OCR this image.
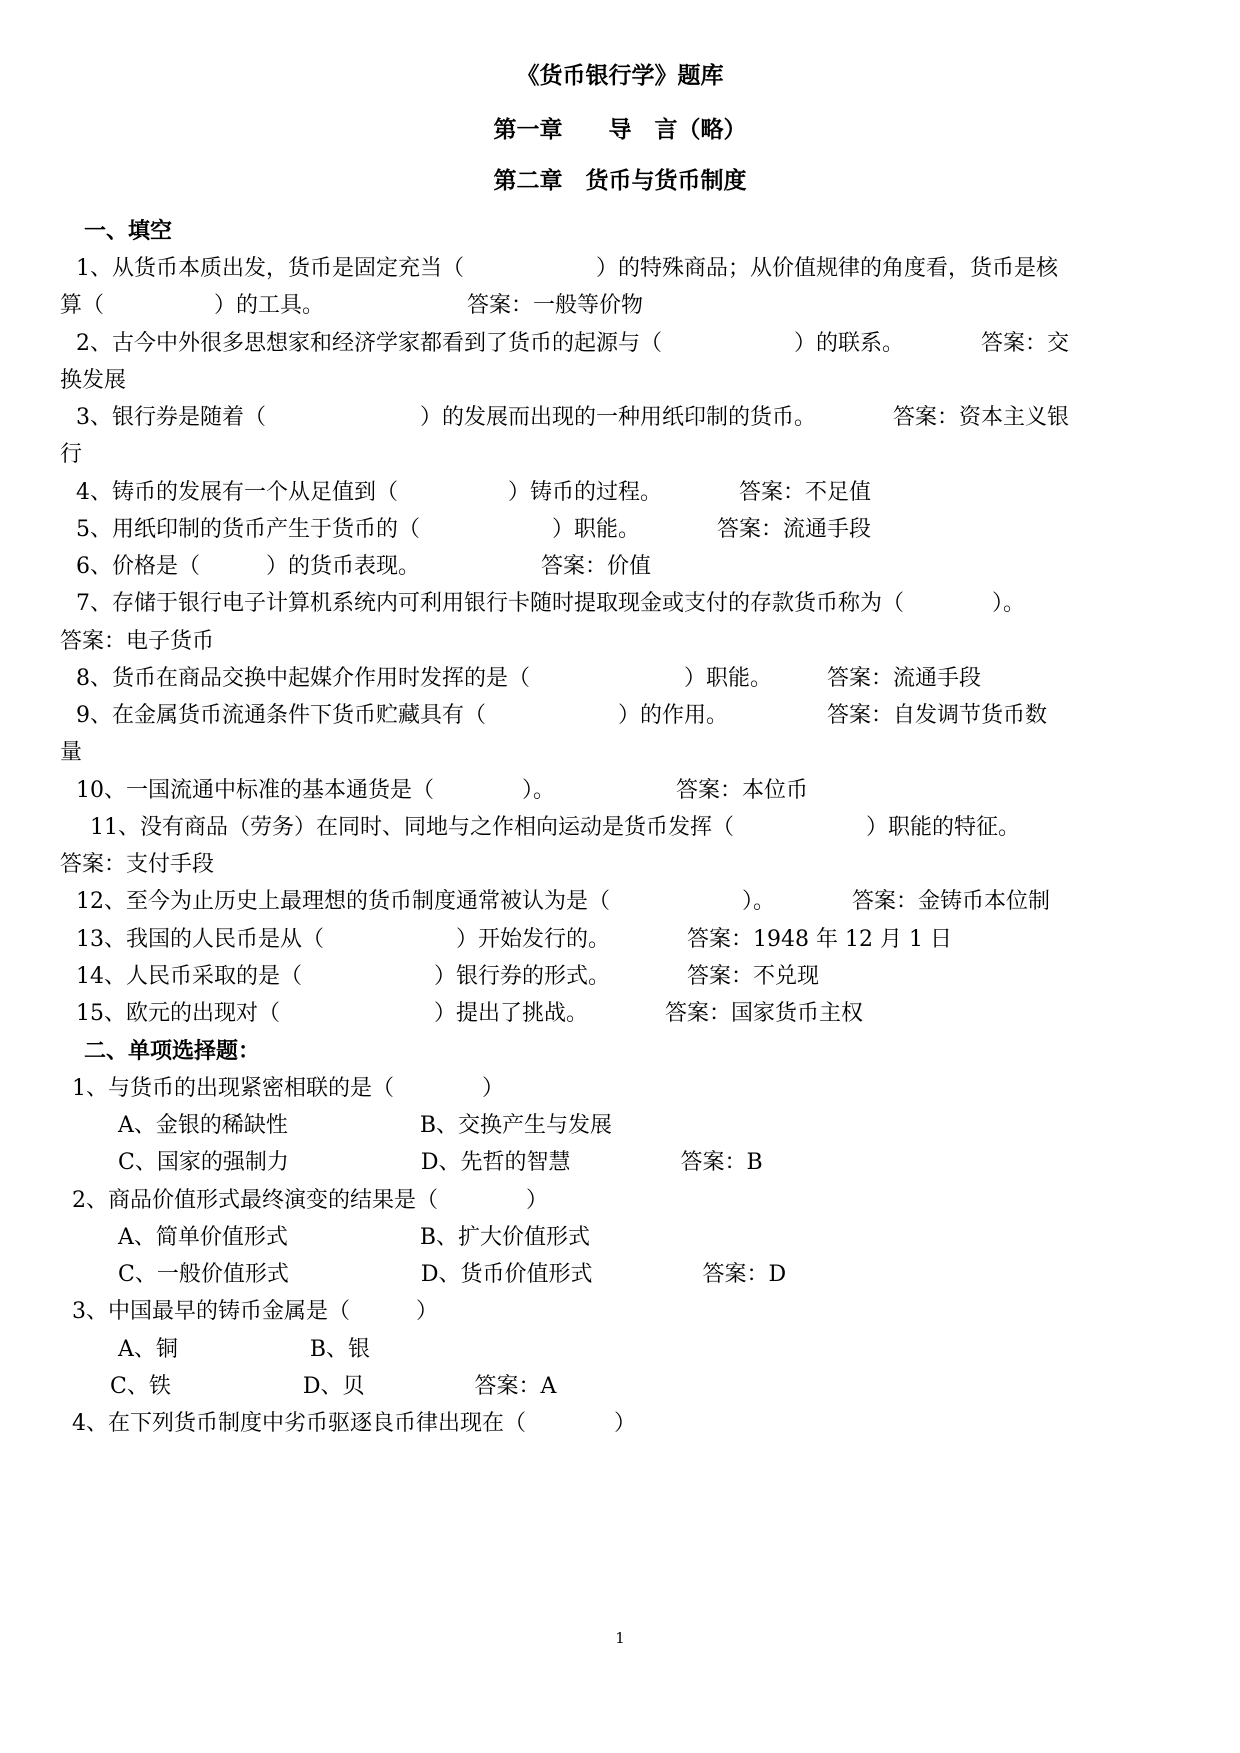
《货币银行学》题库
第一章　　导　言（略）
第二章　货币与货币制度
一、填空
1、从货币本质出发，货币是固定充当（　　　　　　）的特殊商品；从价值规律的角度看，货币是核
算（　　　　　）的工具。　　　　　　　答案：一般等价物
2、古今中外很多思想家和经济学家都看到了货币的起源与（　　　　　　）的联系。　　　　答案：交
换发展
3、银行券是随着（　　　　　　　）的发展而出现的一种用纸印制的货币。　　　　答案：资本主义银
行
4、铸币的发展有一个从足值到（　　　　　）铸币的过程。　　　　答案：不足值
5、用纸印制的货币产生于货币的（　　　　　　）职能。　　　　答案：流通手段
6、价格是（　　　）的货币表现。　　　　　　答案：价值
7、存储于银行电子计算机系统内可利用银行卡随时提取现金或支付的存款货币称为（　　　　）。
答案：电子货币
8、货币在商品交换中起媒介作用时发挥的是（　　　　　　　）职能。　　　答案：流通手段
9、在金属货币流通条件下货币贮藏具有（　　　　　　）的作用。　　　　　答案：自发调节货币数
量
10、一国流通中标准的基本通货是（　　　　）。　　　　　　答案：本位币
11、没有商品（劳务）在同时、同地与之作相向运动是货币发挥（　　　　　　）职能的特征。
答案：支付手段
12、至今为止历史上最理想的货币制度通常被认为是（　　　　　　）。　　　　答案：金铸币本位制
13、我国的人民币是从（　　　　　　）开始发行的。　　　　答案：1948 年 12 月 1 日
14、人民币采取的是（　　　　　　）银行券的形式。　　　　答案：不兑现
15、欧元的出现对（　　　　　　　）提出了挑战。　　　　答案：国家货币主权
二、单项选择题：
1、与货币的出现紧密相联的是（　　　　）
A、金银的稀缺性　　　　　　B、交换产生与发展
C、国家的强制力　　　　　　D、先哲的智慧　　　　　答案：B
2、商品价值形式最终演变的结果是（　　　　）
A、简单价值形式　　　　　　B、扩大价值形式
C、一般价值形式　　　　　　D、货币价值形式　　　　　答案：D
3、中国最早的铸币金属是（　　　）
A、铜　　　　　　B、银
C、铁　　　　　　D、贝　　　　　答案：A
4、在下列货币制度中劣币驱逐良币律出现在（　　　　）
1
